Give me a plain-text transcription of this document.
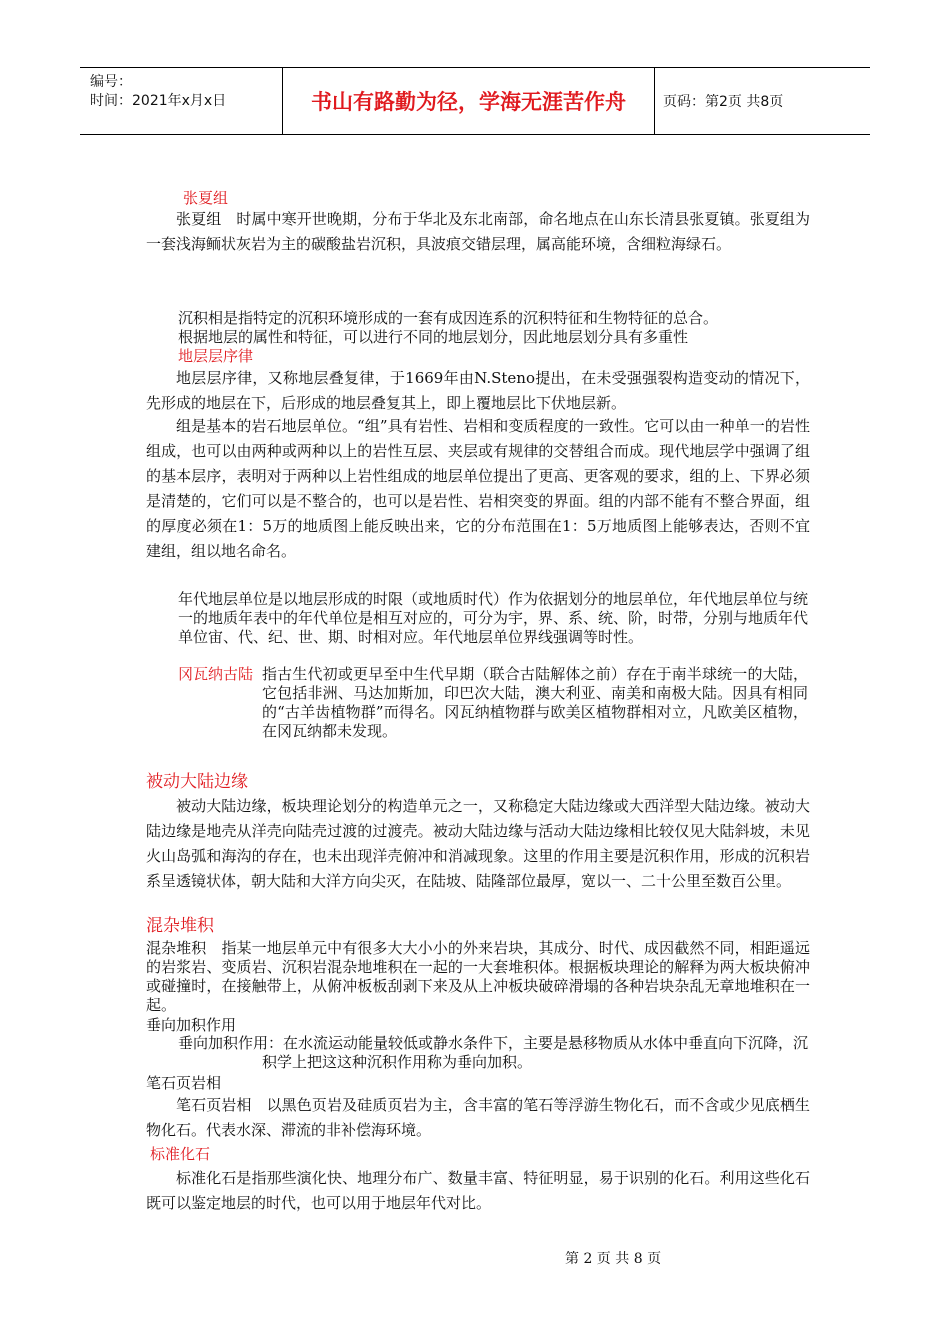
编号：
时间：2021年x月x日	书山有路勤为径，学海无涯苦作舟	页码：第2页 共8页
张夏组

张夏组　时属中寒开世晚期，分布于华北及东北南部，命名地点在山东长清县张夏镇。张夏组为一套浅海鲕状灰岩为主的碳酸盐岩沉积，具波痕交错层理，属高能环境，含细粒海绿石。

沉积相是指特定的沉积环境形成的一套有成因连系的沉积特征和生物特征的总合。
根据地层的属性和特征，可以进行不同的地层划分，因此地层划分具有多重性
地层层序律

地层层序律，又称地层叠复律，于1669年由N.Steno提出，在未受强强裂构造变动的情况下，先形成的地层在下，后形成的地层叠复其上，即上覆地层比下伏地层新。

组是基本的岩石地层单位。“组”具有岩性、岩相和变质程度的一致性。它可以由一种单一的岩性组成，也可以由两种或两种以上的岩性互层、夹层或有规律的交替组合而成。现代地层学中强调了组的基本层序，表明对于两种以上岩性组成的地层单位提出了更高、更客观的要求，组的上、下界必须是清楚的，它们可以是不整合的，也可以是岩性、岩相突变的界面。组的内部不能有不整合界面，组的厚度必须在1：5万的地质图上能反映出来，它的分布范围在1：5万地质图上能够表达，否则不宜建组，组以地名命名。

年代地层单位是以地层形成的时限（或地质时代）作为依据划分的地层单位，年代地层单位与统一的地质年表中的年代单位是相互对应的，可分为宇，界、系、统、阶，时带，分别与地质年代单位宙、代、纪、世、期、时相对应。年代地层单位界线强调等时性。

冈瓦纳古陆 指古生代初或更早至中生代早期（联合古陆解体之前）存在于南半球统一的大陆，它包括非洲、马达加斯加，印巴次大陆，澳大利亚、南美和南极大陆。因具有相同的“古羊齿植物群”而得名。冈瓦纳植物群与欧美区植物群相对立，凡欧美区植物，在冈瓦纳都未发现。
被动大陆边缘

被动大陆边缘，板块理论划分的构造单元之一，又称稳定大陆边缘或大西洋型大陆边缘。被动大陆边缘是地壳从洋壳向陆壳过渡的过渡壳。被动大陆边缘与活动大陆边缘相比较仅见大陆斜坡，未见火山岛弧和海沟的存在，也未出现洋壳俯冲和消减现象。这里的作用主要是沉积作用，形成的沉积岩系呈透镜状体，朝大陆和大洋方向尖灭，在陆坡、陆隆部位最厚，宽以一、二十公里至数百公里。

混杂堆积

混杂堆积　指某一地层单元中有很多大大小小的外来岩块，其成分、时代、成因截然不同，相距遥远的岩浆岩、变质岩、沉积岩混杂地堆积在一起的一大套堆积体。根据板块理论的解释为两大板块俯冲或碰撞时，在接触带上，从俯冲板板刮剥下来及从上冲板块破碎滑塌的各种岩块杂乱无章地堆积在一起。

垂向加积作用
垂向加积作用：在水流运动能量较低或静水条件下，主要是悬移物质从水体中垂直向下沉降，沉积学上把这这种沉积作用称为垂向加积。
笔石页岩相

笔石页岩相　以黑色页岩及硅质页岩为主，含丰富的笔石等浮游生物化石，而不含或少见底栖生物化石。代表水深、滞流的非补偿海环境。

标准化石

标准化石是指那些演化快、地理分布广、数量丰富、特征明显，易于识别的化石。利用这些化石既可以鉴定地层的时代，也可以用于地层年代对比。

第 2 页 共 8 页
